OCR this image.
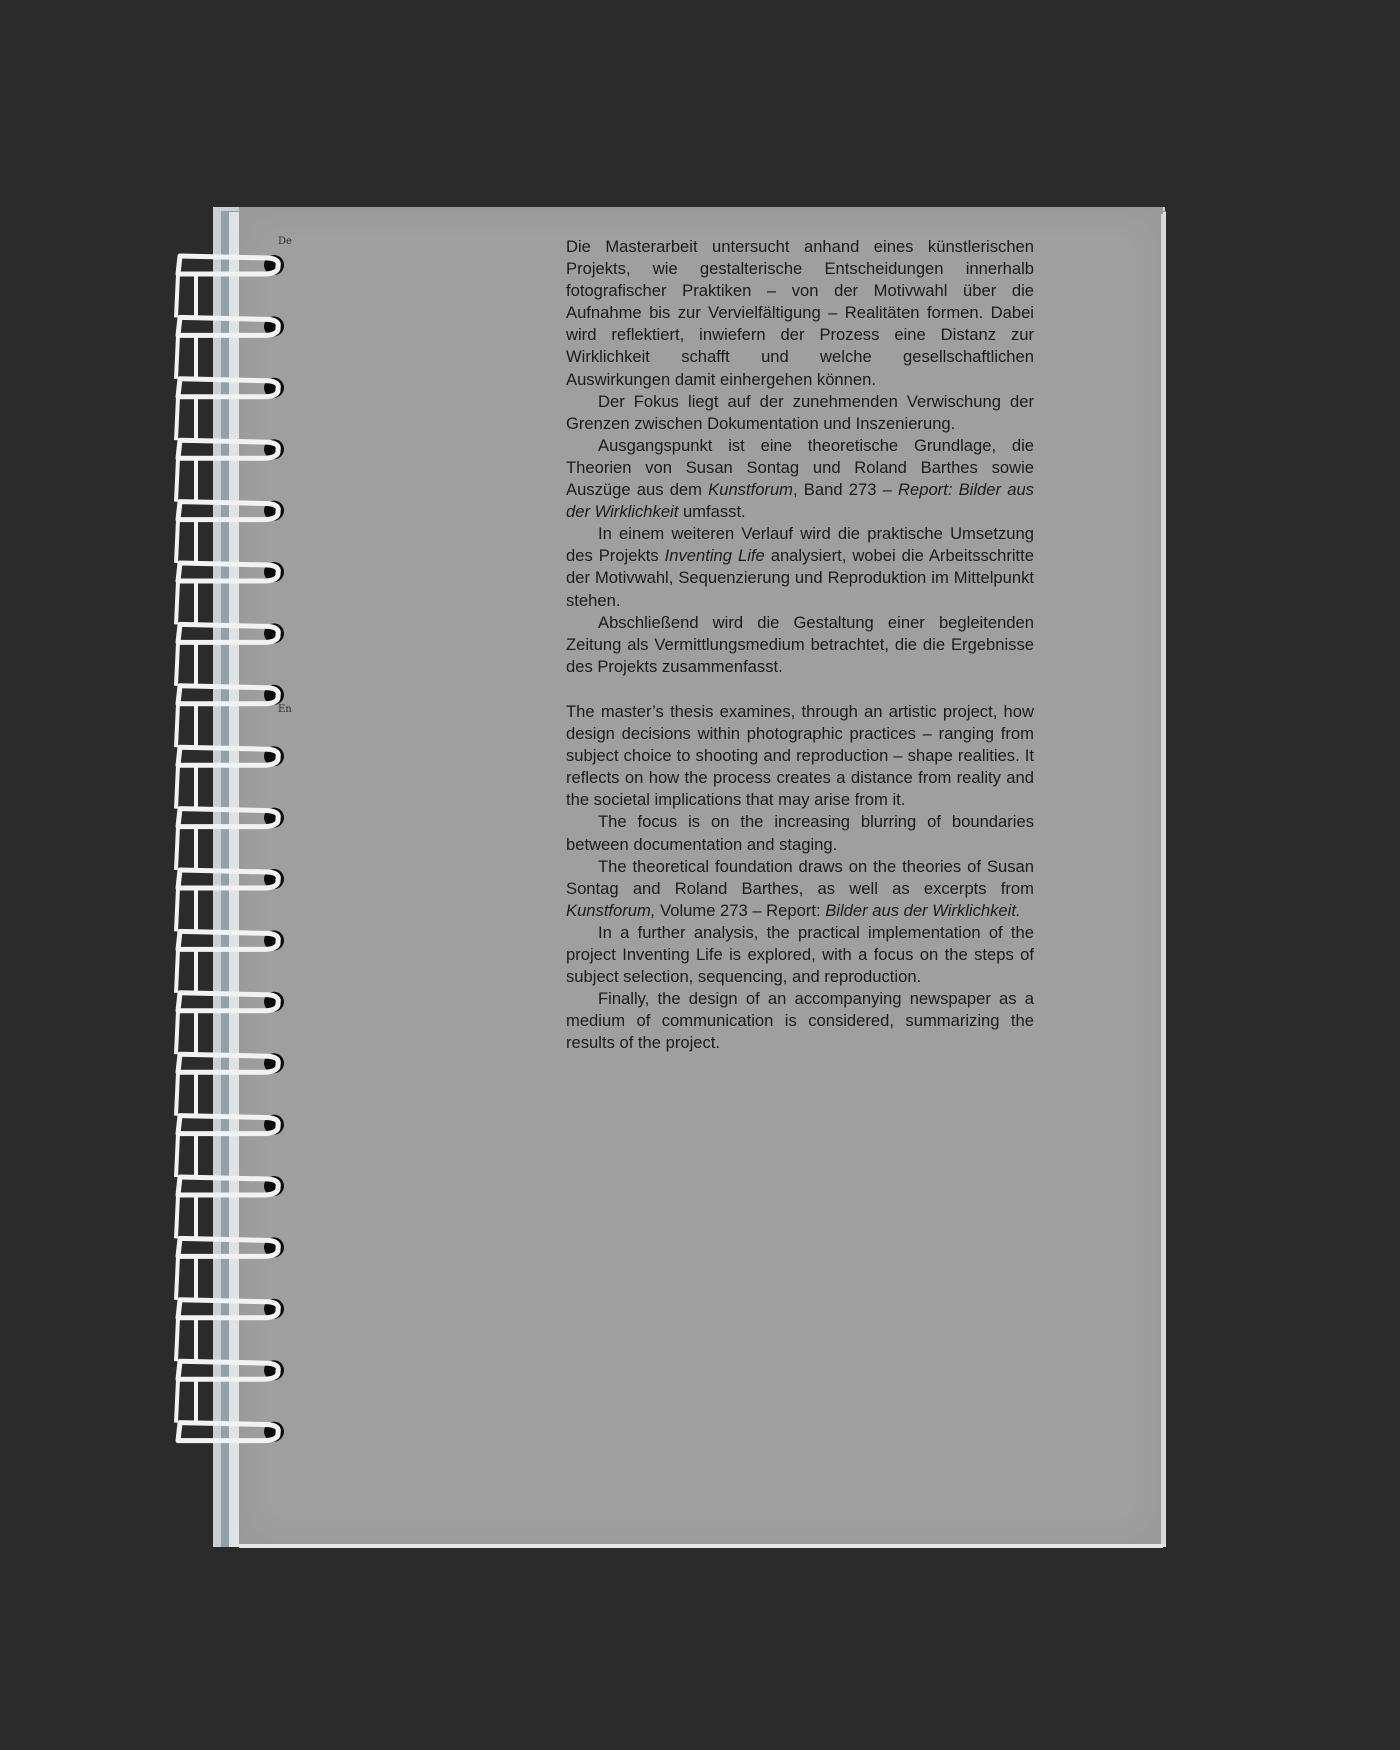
De
En

Die Masterarbeit untersucht anhand eines künstlerischen Projekts, wie gestalterische Entscheidungen innerhalb fotografischer Praktiken – von der Motivwahl über die Aufnahme bis zur Vervielfältigung – Realitäten formen. Dabei wird reflektiert, inwiefern der Prozess eine Distanz zur Wirklichkeit schafft und welche gesellschaftlichen Auswirkungen damit einhergehen können.

Der Fokus liegt auf der zunehmenden Verwischung der Grenzen zwischen Dokumentation und Inszenierung.

Ausgangspunkt ist eine theoretische Grundlage, die Theorien von Susan Sontag und Roland Barthes sowie Auszüge aus dem Kunstforum, Band 273 – Report: Bilder aus der Wirklichkeit umfasst.

In einem weiteren Verlauf wird die praktische Umsetzung des Projekts Inventing Life analysiert, wobei die Arbeitsschritte der Motivwahl, Sequenzierung und Reproduktion im Mittelpunkt stehen.

Abschließend wird die Gestaltung einer begleitenden Zeitung als Vermittlungsmedium betrachtet, die die Ergebnisse des Projekts zusammenfasst.

The master’s thesis examines, through an artistic project, how design decisions within photographic practices – ranging from subject choice to shooting and reproduction – shape realities. It reflects on how the process creates a distance from reality and the societal implications that may arise from it.

The focus is on the increasing blurring of boundaries between documentation and staging.

The theoretical foundation draws on the theories of Susan Sontag and Roland Barthes, as well as excerpts from Kunstforum, Volume 273 – Report: Bilder aus der Wirklichkeit.

In a further analysis, the practical implementation of the project Inventing Life is explored, with a focus on the steps of subject selection, sequencing, and reproduction.

Finally, the design of an accompanying newspaper as a medium of communication is considered, summarizing the results of the project.
